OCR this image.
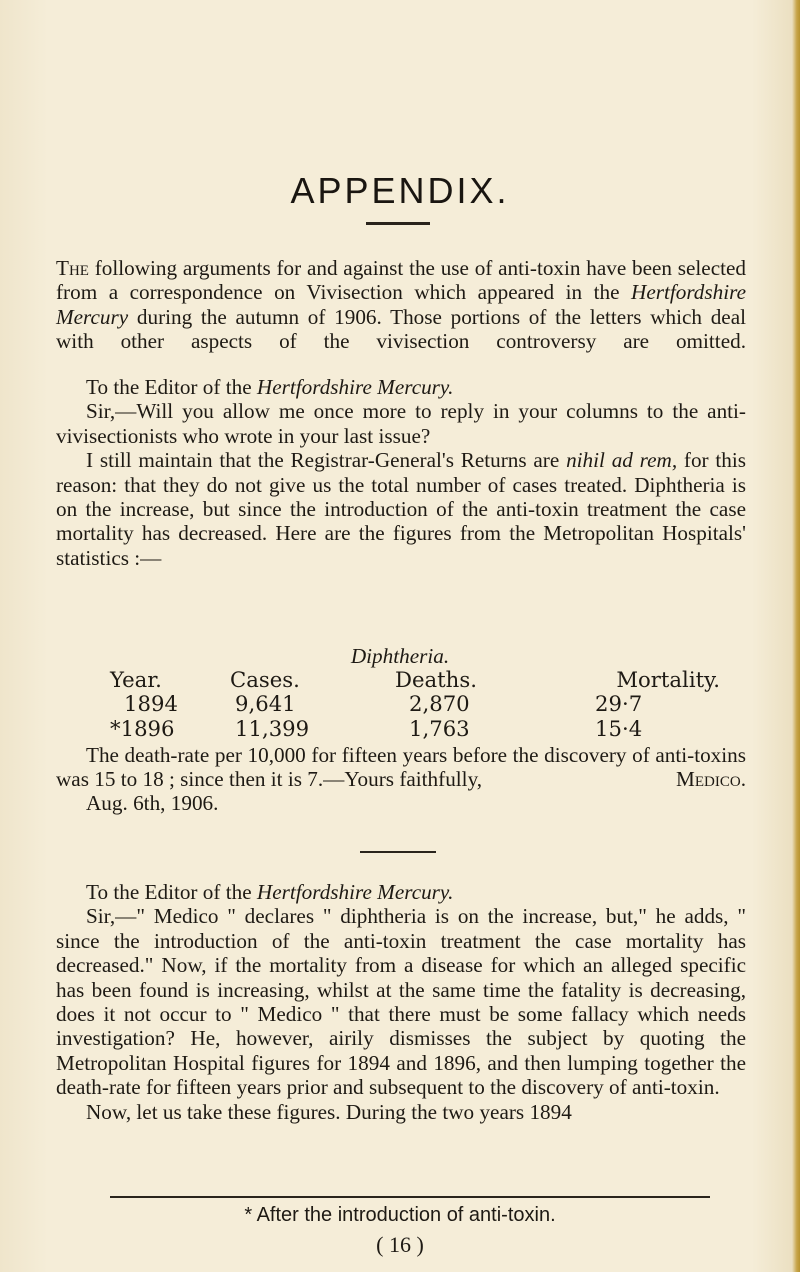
APPENDIX.

The following arguments for and against the use of anti-toxin have been selected from a correspondence on Vivisection which appeared in the Hertfordshire Mercury during the autumn of 1906. Those portions of the letters which deal with other aspects of the vivisection controversy are omitted.

To the Editor of the Hertfordshire Mercury.

Sir,—Will you allow me once more to reply in your columns to the anti-vivisectionists who wrote in your last issue?

I still maintain that the Registrar-General's Returns are nihil ad rem, for this reason: that they do not give us the total number of cases treated. Diphtheria is on the increase, but since the introduction of the anti-toxin treatment the case mortality has decreased. Here are the figures from the Metropolitan Hospitals' statistics :—

Diphtheria.
Year.	Cases.	Deaths.	Mortality.
1894	9,641	2,870	29·7
*1896	11,399	1,763	15·4

The death-rate per 10,000 for fifteen years before the discovery of anti-toxins was 15 to 18 ; since then it is 7.—Yours faithfully,	Medico.
Aug. 6th, 1906.

To the Editor of the Hertfordshire Mercury.

Sir,—" Medico " declares " diphtheria is on the increase, but," he adds, " since the introduction of the anti-toxin treatment the case mortality has decreased." Now, if the mortality from a disease for which an alleged specific has been found is increasing, whilst at the same time the fatality is decreasing, does it not occur to " Medico " that there must be some fallacy which needs investigation? He, however, airily dismisses the subject by quoting the Metropolitan Hospital figures for 1894 and 1896, and then lumping together the death-rate for fifteen years prior and subsequent to the discovery of anti-toxin.

Now, let us take these figures. During the two years 1894

* After the introduction of anti-toxin.
( 16 )
